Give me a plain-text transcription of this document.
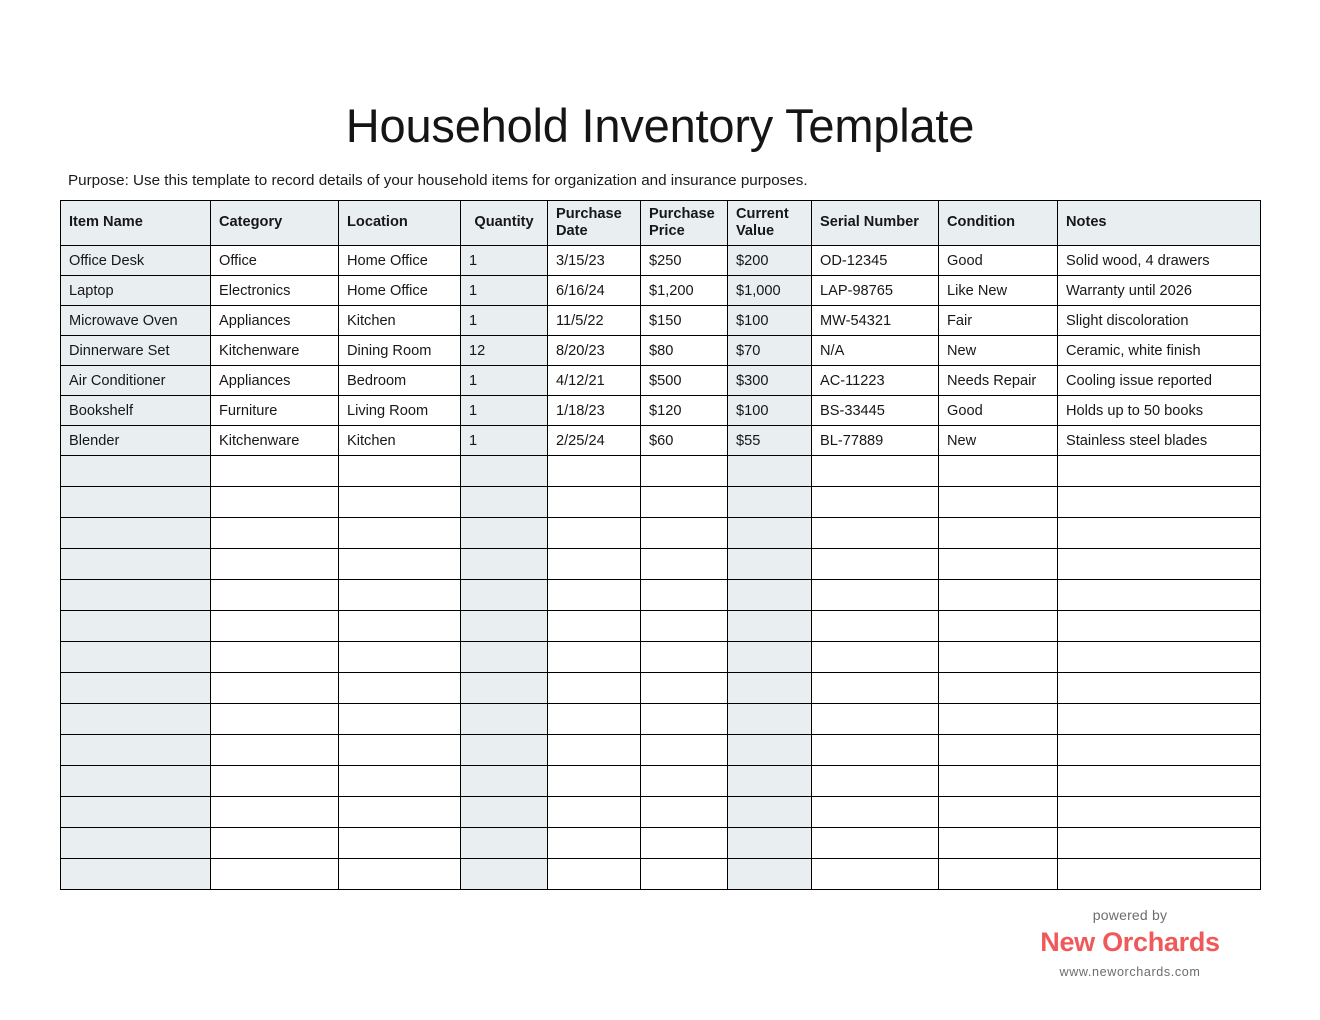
Household Inventory Template
Purpose: Use this template to record details of your household items for organization and insurance purposes.
Item Name	Category	Location	Quantity	Purchase Date	Purchase Price	Current Value	Serial Number	Condition	Notes
Office Desk	Office	Home Office	1	3/15/23	$250	$200	OD-12345	Good	Solid wood, 4 drawers
Laptop	Electronics	Home Office	1	6/16/24	$1,200	$1,000	LAP-98765	Like New	Warranty until 2026
Microwave Oven	Appliances	Kitchen	1	11/5/22	$150	$100	MW-54321	Fair	Slight discoloration
Dinnerware Set	Kitchenware	Dining Room	12	8/20/23	$80	$70	N/A	New	Ceramic, white finish
Air Conditioner	Appliances	Bedroom	1	4/12/21	$500	$300	AC-11223	Needs Repair	Cooling issue reported
Bookshelf	Furniture	Living Room	1	1/18/23	$120	$100	BS-33445	Good	Holds up to 50 books
Blender	Kitchenware	Kitchen	1	2/25/24	$60	$55	BL-77889	New	Stainless steel blades

powered by
New Orchards
www.neworchards.com
